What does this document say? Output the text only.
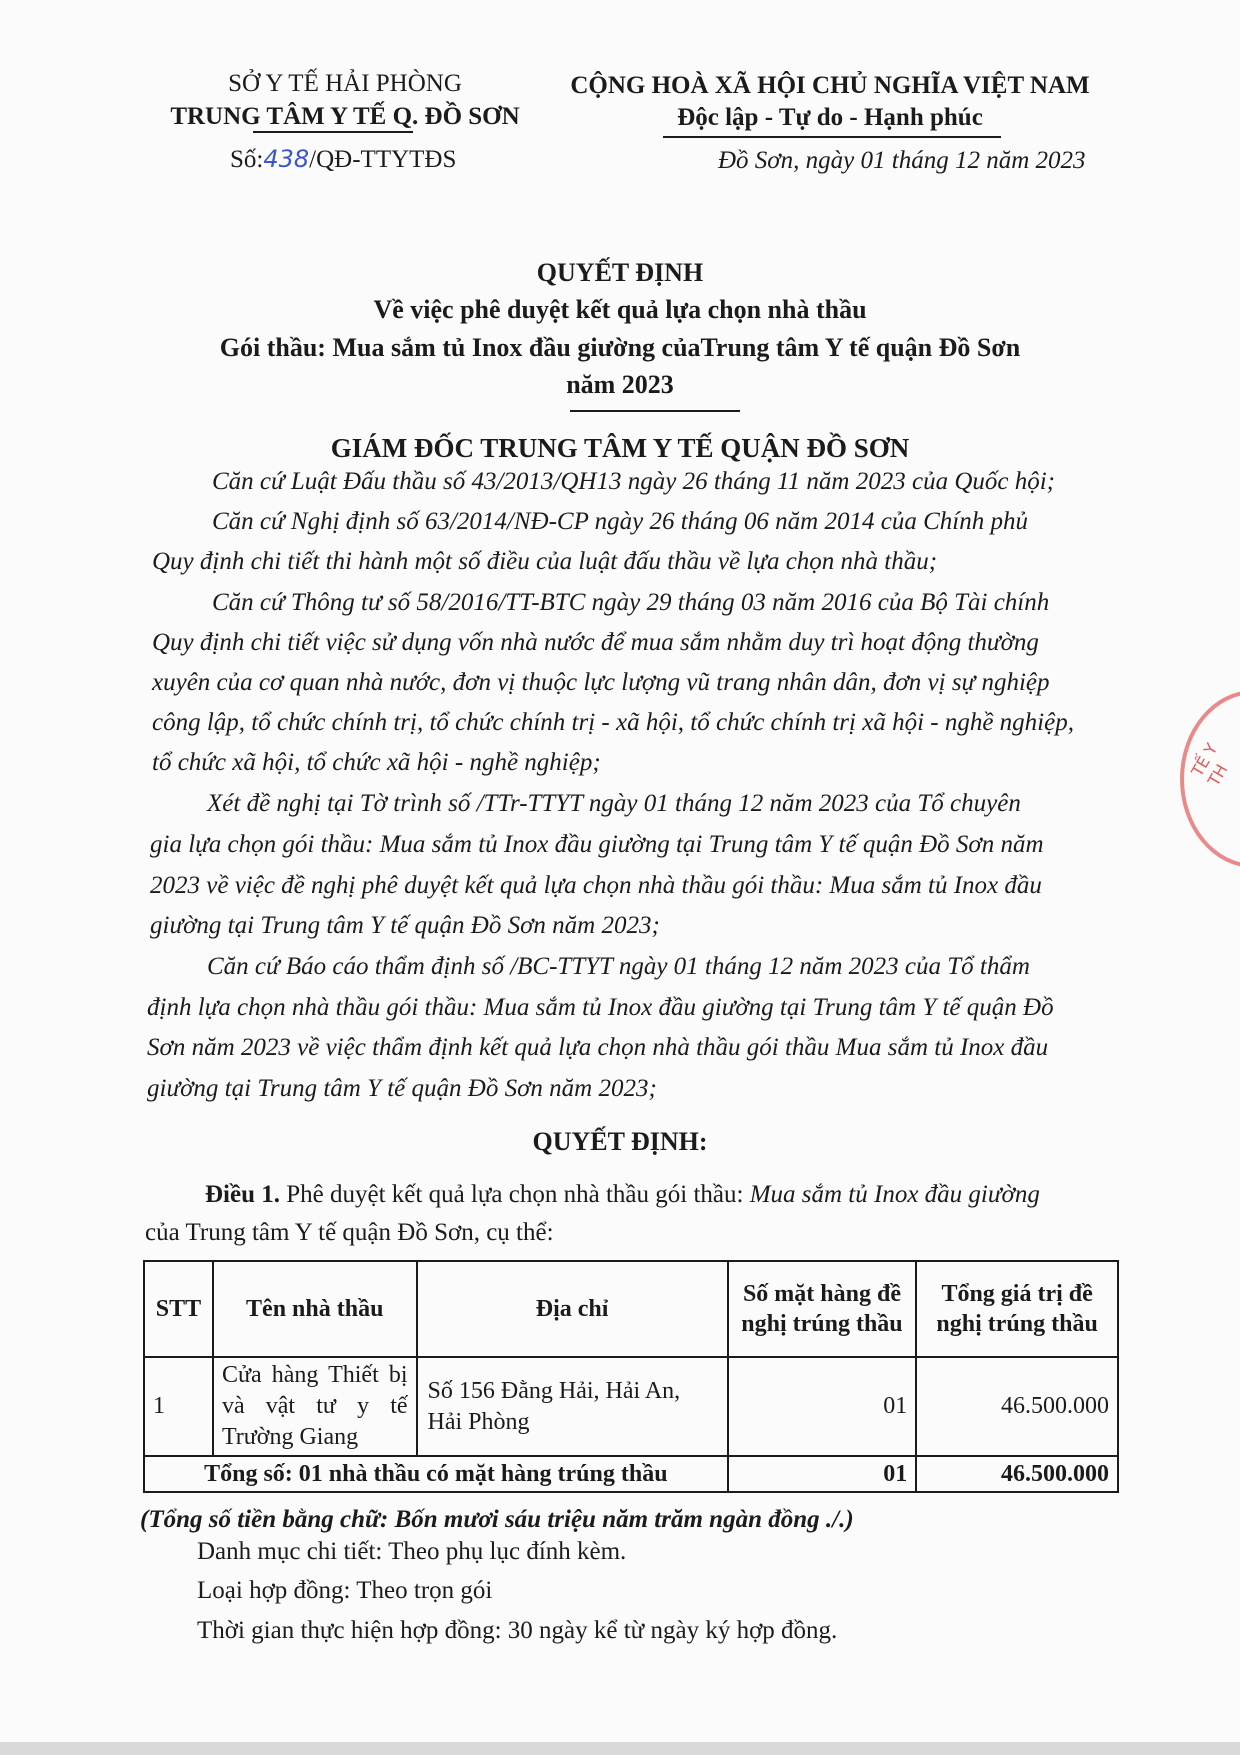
SỞ Y TẾ HẢI PHÒNG
TRUNG TÂM Y TẾ Q. ĐỒ SƠN
Số:438/QĐ-TTYTĐS
CỘNG HOÀ XÃ HỘI CHỦ NGHĨA VIỆT NAM
Độc lập - Tự do - Hạnh phúc
Đồ Sơn, ngày 01 tháng 12 năm 2023
QUYẾT ĐỊNH
Về việc phê duyệt kết quả lựa chọn nhà thầu
Gói thầu: Mua sắm tủ Inox đầu giường củaTrung tâm Y tế quận Đồ Sơn
năm 2023
GIÁM ĐỐC TRUNG TÂM Y TẾ QUẬN ĐỒ SƠN
Căn cứ Luật Đấu thầu số 43/2013/QH13 ngày 26 tháng 11 năm 2023 của Quốc hội;
Căn cứ Nghị định số 63/2014/NĐ-CP ngày 26 tháng 06 năm 2014 của Chính phủ
Quy định chi tiết thi hành một số điều của luật đấu thầu về lựa chọn nhà thầu;
Căn cứ Thông tư số 58/2016/TT-BTC ngày 29 tháng 03 năm 2016 của Bộ Tài chính
Quy định chi tiết việc sử dụng vốn nhà nước để mua sắm nhằm duy trì hoạt động thường
xuyên của cơ quan nhà nước, đơn vị thuộc lực lượng vũ trang nhân dân, đơn vị sự nghiệp
công lập, tổ chức chính trị, tổ chức chính trị - xã hội, tổ chức chính trị xã hội - nghề nghiệp,
tổ chức xã hội, tổ chức xã hội - nghề nghiệp;
Xét đề nghị tại Tờ trình số /TTr-TTYT ngày 01 tháng 12 năm 2023 của Tổ chuyên
gia lựa chọn gói thầu: Mua sắm tủ Inox đầu giường tại Trung tâm Y tế quận Đồ Sơn năm
2023 về việc đề nghị phê duyệt kết quả lựa chọn nhà thầu gói thầu: Mua sắm tủ Inox đầu
giường tại Trung tâm Y tế quận Đồ Sơn năm 2023;
Căn cứ Báo cáo thẩm định số /BC-TTYT ngày 01 tháng 12 năm 2023 của Tổ thẩm
định lựa chọn nhà thầu gói thầu: Mua sắm tủ Inox đầu giường tại Trung tâm Y tế quận Đồ
Sơn năm 2023 về việc thẩm định kết quả lựa chọn nhà thầu gói thầu Mua sắm tủ Inox đầu
giường tại Trung tâm Y tế quận Đồ Sơn năm 2023;
QUYẾT ĐỊNH:
Điều 1. Phê duyệt kết quả lựa chọn nhà thầu gói thầu: Mua sắm tủ Inox đầu giường
của Trung tâm Y tế quận Đồ Sơn, cụ thể:
STT	Tên nhà thầu	Địa chỉ	Số mặt hàng đề nghị trúng thầu	Tổng giá trị đề nghị trúng thầu
1	Cửa hàng Thiết bị và vật tư y tế Trường Giang	Số 156 Đằng Hải, Hải An, Hải Phòng	01	46.500.000
Tổng số: 01 nhà thầu có mặt hàng trúng thầu			01	46.500.000
(Tổng số tiền bằng chữ: Bốn mươi sáu triệu năm trăm ngàn đồng ./.)
Danh mục chi tiết: Theo phụ lục đính kèm.
Loại hợp đồng: Theo trọn gói
Thời gian thực hiện hợp đồng: 30 ngày kể từ ngày ký hợp đồng.
TẾ Y TH
